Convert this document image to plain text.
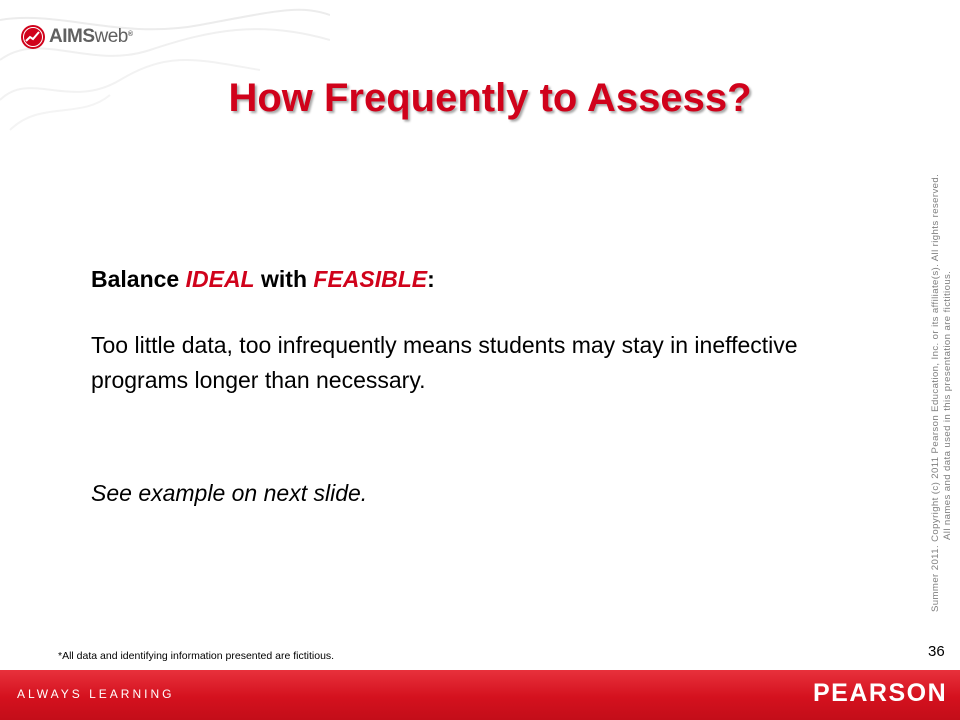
AIMSweb®
How Frequently to Assess?
Balance IDEAL with FEASIBLE:
Too little data, too infrequently means students may stay in ineffective programs longer than necessary.
See example on next slide.	Summer 2011. Copyright (c) 2011 Pearson Education, Inc. or its affiliate(s). All rights reserved. All names and data used in this presentation are fictitious.
*All data and identifying information presented are fictitious.	36
ALWAYS LEARNING	PEARSON
